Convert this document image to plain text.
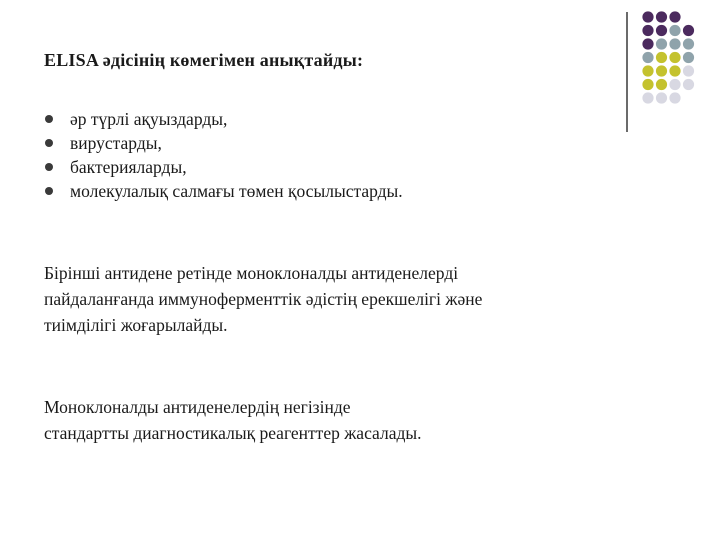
ELISA әдісінің көмегімен анықтайды:
әр түрлі ақуыздарды,
вирустарды,
бактерияларды,
молекулалық салмағы төмен қосылыстарды.

Бірінші антидене ретінде моноклоналды антиденелерді
пайдаланғанда иммуноферменттік әдістің ерекшелігі және
тиімділігі жоғарылайды.

Моноклоналды антиденелердің негізінде
стандартты диагностикалық реагенттер жасалады.
